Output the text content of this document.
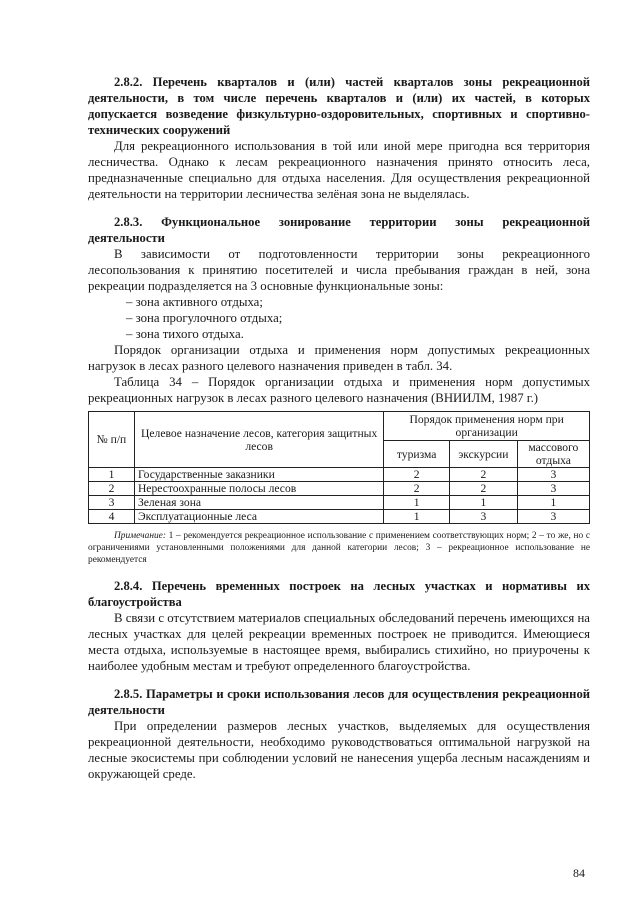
2.8.2. Перечень кварталов и (или) частей кварталов зоны рекреационной деятельности, в том числе перечень кварталов и (или) их частей, в которых допускается возведение физкультурно-оздоровительных, спортивных и спортивно-технических сооружений

Для рекреационного использования в той или иной мере пригодна вся территория лесничества. Однако к лесам рекреационного назначения принято относить леса, предназначенные специально для отдыха населения. Для осуществления рекреационной деятельности на территории лесничества зелёная зона не выделялась.

2.8.3. Функциональное зонирование территории зоны рекреационной деятельности

В зависимости от подготовленности территории зоны рекреационного лесопользования к принятию посетителей и числа пребывания граждан в ней, зона рекреации подразделяется на 3 основные функциональные зоны:

– зона активного отдыха;

– зона прогулочного отдыха;

– зона тихого отдыха.

Порядок организации отдыха и применения норм допустимых рекреационных нагрузок в лесах разного целевого назначения приведен в табл. 34.

Таблица 34 – Порядок организации отдыха и применения норм допустимых рекреационных нагрузок в лесах разного целевого назначения (ВНИИЛМ, 1987 г.)

№ п/п	Целевое назначение лесов, категория защитных лесов	Порядок применения норм при организации		
		туризма	экскурсии	массового отдыха
1	Государственные заказники	2	2	3
2	Нерестоохранные полосы лесов	2	2	3
3	Зеленая зона	1	1	1
4	Эксплуатационные леса	1	3	3

Примечание: 1 – рекомендуется рекреационное использование с применением соответствующих норм; 2 – то же, но с ограничениями установленными положениями для данной категории лесов; 3 – рекреационное использование не рекомендуется

2.8.4. Перечень временных построек на лесных участках и нормативы их благоустройства

В связи с отсутствием материалов специальных обследований перечень имеющихся на лесных участках для целей рекреации временных построек не приводится. Имеющиеся места отдыха, используемые в настоящее время, выбирались стихийно, но приурочены к наиболее удобным местам и требуют определенного благоустройства.

2.8.5. Параметры и сроки использования лесов для осуществления рекреационной деятельности

При определении размеров лесных участков, выделяемых для осуществления рекреационной деятельности, необходимо руководствоваться оптимальной нагрузкой на лесные экосистемы при соблюдении условий не нанесения ущерба лесным насаждениям и окружающей среде.

84
